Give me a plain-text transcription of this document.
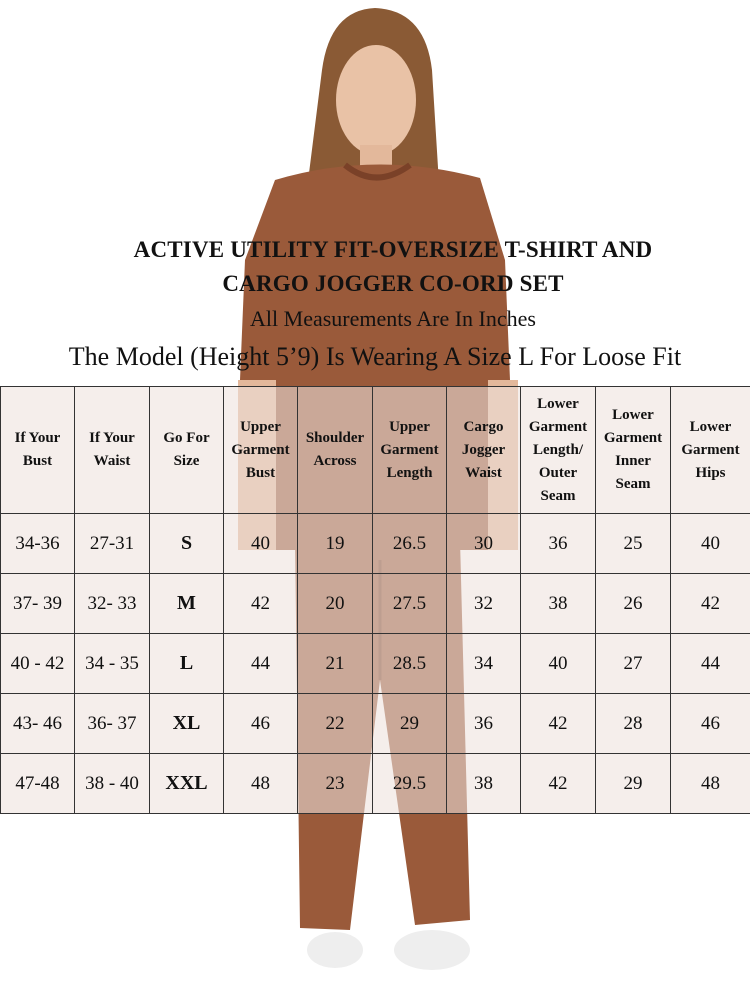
ACTIVE UTILITY FIT-OVERSIZE T-SHIRT AND
CARGO JOGGER CO-ORD SET
All Measurements Are In Inches
The Model (Height 5’9) Is Wearing A Size L For Loose Fit
If Your Bust	If Your Waist	Go For Size	Upper Garment Bust	Shoulder Across	Upper Garment Length	Cargo Jogger Waist	Lower Garment Length/ Outer Seam	Lower Garment Inner Seam	Lower Garment Hips
34-36	27-31	S	40	19	26.5	30	36	25	40
37- 39	32- 33	M	42	20	27.5	32	38	26	42
40 - 42	34 - 35	L	44	21	28.5	34	40	27	44
43- 46	36- 37	XL	46	22	29	36	42	28	46
47-48	38 - 40	XXL	48	23	29.5	38	42	29	48
